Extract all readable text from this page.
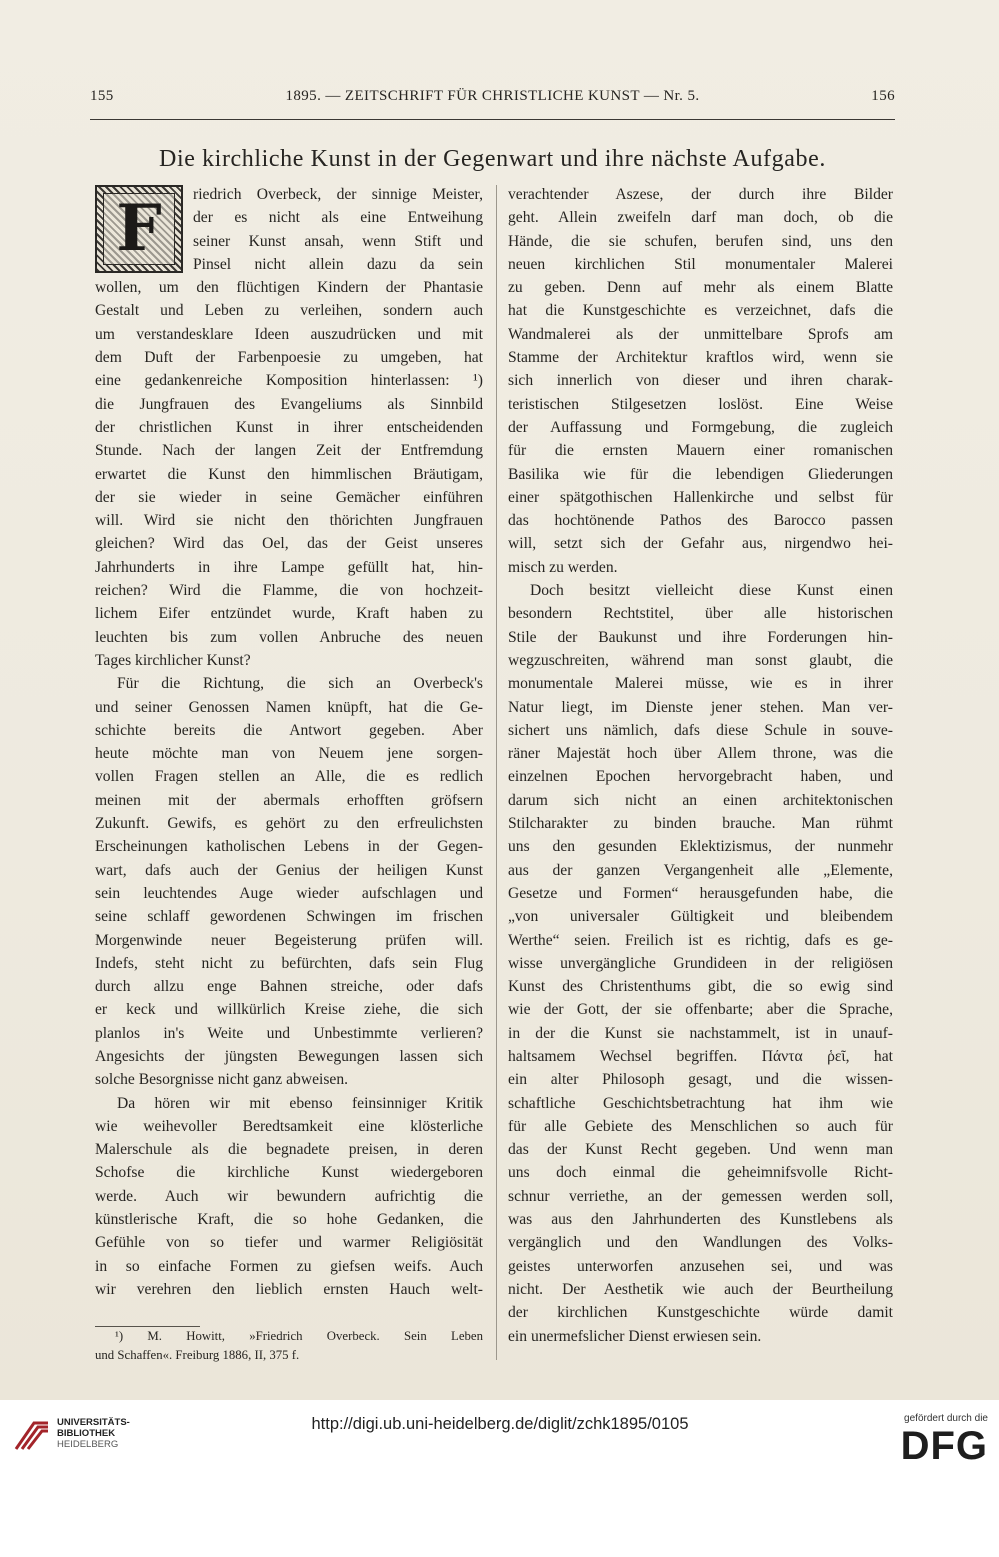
155	1895. — ZEITSCHRIFT FÜR CHRISTLICHE KUNST — Nr. 5.	156
Die kirchliche Kunst in der Gegenwart und ihre nächste Aufgabe.
F	riedrich Overbeck, der sinnige Meister,
der es nicht als eine Entweihung
seiner Kunst ansah, wenn Stift und
Pinsel nicht allein dazu da sein
wollen, um den flüchtigen Kindern der Phantasie
Gestalt und Leben zu verleihen, sondern auch
um verstandesklare Ideen auszudrücken und mit
dem Duft der Farbenpoesie zu umgeben, hat
eine gedankenreiche Komposition hinterlassen: ¹)
die Jungfrauen des Evangeliums als Sinnbild
der christlichen Kunst in ihrer entscheidenden
Stunde. Nach der langen Zeit der Entfremdung
erwartet die Kunst den himmlischen Bräutigam,
der sie wieder in seine Gemächer einführen
will. Wird sie nicht den thörichten Jungfrauen
gleichen? Wird das Oel, das der Geist unseres
Jahrhunderts in ihre Lampe gefüllt hat, hin-
reichen? Wird die Flamme, die von hochzeit-
lichem Eifer entzündet wurde, Kraft haben zu
leuchten bis zum vollen Anbruche des neuen
Tages kirchlicher Kunst?
Für die Richtung, die sich an Overbeck's
und seiner Genossen Namen knüpft, hat die Ge-
schichte bereits die Antwort gegeben. Aber
heute möchte man von Neuem jene sorgen-
vollen Fragen stellen an Alle, die es redlich
meinen mit der abermals erhofften gröfsern
Zukunft. Gewifs, es gehört zu den erfreulichsten
Erscheinungen katholischen Lebens in der Gegen-
wart, dafs auch der Genius der heiligen Kunst
sein leuchtendes Auge wieder aufschlagen und
seine schlaff gewordenen Schwingen im frischen
Morgenwinde neuer Begeisterung prüfen will.
Indefs, steht nicht zu befürchten, dafs sein Flug
durch allzu enge Bahnen streiche, oder dafs
er keck und willkürlich Kreise ziehe, die sich
planlos in's Weite und Unbestimmte verlieren?
Angesichts der jüngsten Bewegungen lassen sich
solche Besorgnisse nicht ganz abweisen.
Da hören wir mit ebenso feinsinniger Kritik
wie weihevoller Beredtsamkeit eine klösterliche
Malerschule als die begnadete preisen, in deren
Schofse die kirchliche Kunst wiedergeboren
werde. Auch wir bewundern aufrichtig die
künstlerische Kraft, die so hohe Gedanken, die
Gefühle von so tiefer und warmer Religiösität
in so einfache Formen zu giefsen weifs. Auch
wir verehren den lieblich ernsten Hauch welt-
verachtender Aszese, der durch ihre Bilder
geht. Allein zweifeln darf man doch, ob die
Hände, die sie schufen, berufen sind, uns den
neuen kirchlichen Stil monumentaler Malerei
zu geben. Denn auf mehr als einem Blatte
hat die Kunstgeschichte es verzeichnet, dafs die
Wandmalerei als der unmittelbare Sprofs am
Stamme der Architektur kraftlos wird, wenn sie
sich innerlich von dieser und ihren charak-
teristischen Stilgesetzen loslöst. Eine Weise
der Auffassung und Formgebung, die zugleich
für die ernsten Mauern einer romanischen
Basilika wie für die lebendigen Gliederungen
einer spätgothischen Hallenkirche und selbst für
das hochtönende Pathos des Barocco passen
will, setzt sich der Gefahr aus, nirgendwo hei-
misch zu werden.
Doch besitzt vielleicht diese Kunst einen
besondern Rechtstitel, über alle historischen
Stile der Baukunst und ihre Forderungen hin-
wegzuschreiten, während man sonst glaubt, die
monumentale Malerei müsse, wie es in ihrer
Natur liegt, im Dienste jener stehen. Man ver-
sichert uns nämlich, dafs diese Schule in souve-
räner Majestät hoch über Allem throne, was die
einzelnen Epochen hervorgebracht haben, und
darum sich nicht an einen architektonischen
Stilcharakter zu binden brauche. Man rühmt
uns den gesunden Eklektizismus, der nunmehr
aus der ganzen Vergangenheit alle „Elemente,
Gesetze und Formen“ herausgefunden habe, die
„von universaler Gültigkeit und bleibendem
Werthe“ seien. Freilich ist es richtig, dafs es ge-
wisse unvergängliche Grundideen in der religiösen
Kunst des Christenthums gibt, die so ewig sind
wie der Gott, der sie offenbarte; aber die Sprache,
in der die Kunst sie nachstammelt, ist in unauf-
haltsamem Wechsel begriffen. Πάντα ῥεῖ, hat
ein alter Philosoph gesagt, und die wissen-
schaftliche Geschichtsbetrachtung hat ihm wie
für alle Gebiete des Menschlichen so auch für
das der Kunst Recht gegeben. Und wenn man
uns doch einmal die geheimnifsvolle Richt-
schnur verriethe, an der gemessen werden soll,
was aus den Jahrhunderten des Kunstlebens als
vergänglich und den Wandlungen des Volks-
geistes unterworfen anzusehen sei, und was
nicht. Der Aesthetik wie auch der Beurtheilung
der kirchlichen Kunstgeschichte würde damit
ein unermefslicher Dienst erwiesen sein.
¹) M. Howitt, »Friedrich Overbeck. Sein Leben
und Schaffen«. Freiburg 1886, II, 375 f.
UNIVERSITÄTS-
BIBLIOTHEK
HEIDELBERG
http://digi.ub.uni-heidelberg.de/diglit/zchk1895/0105	gefördert durch die
DFG
